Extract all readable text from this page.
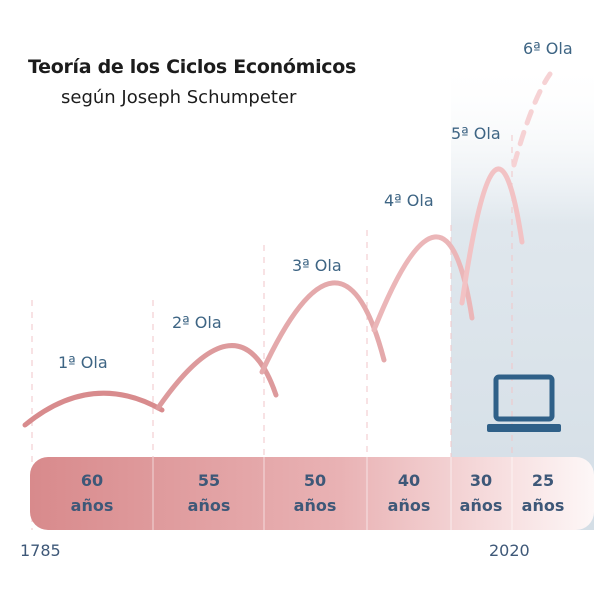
Teoría de los Ciclos Económicos
según Joseph Schumpeter
1ª Ola
2ª Ola
3ª Ola
4ª Ola
5ª Ola
6ª Ola
60
años
55
años
50
años
40
años
30
años
25
años
1785	2020
